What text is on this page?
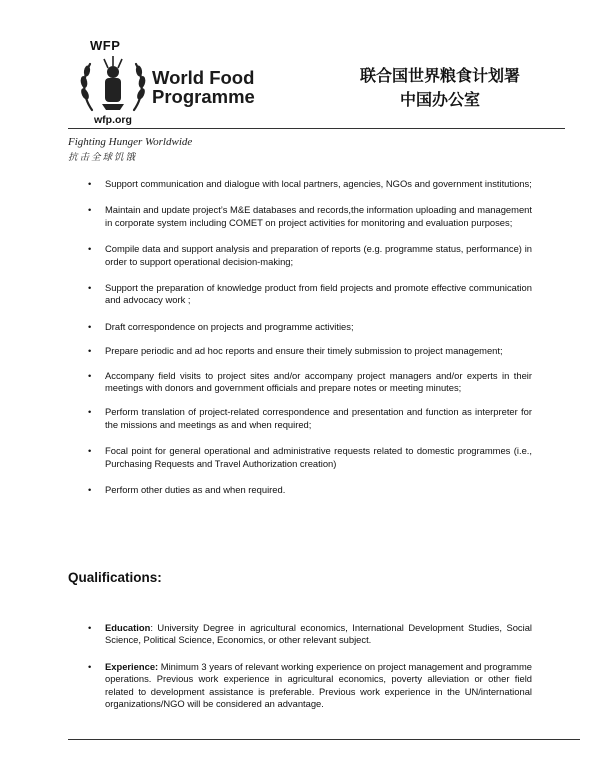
WFP
World Food
Programme
wfp.org
联合国世界粮食计划署
中国办公室
Fighting Hunger Worldwide
抗击全球饥饿
• Support communication and dialogue with local partners, agencies, NGOs and government institutions;
• Maintain and update project’s M&E databases and records,the information uploading and management in corporate system including COMET on project activities for monitoring and evaluation purposes;
• Compile data and support analysis and preparation of reports (e.g. programme status, performance) in order to support operational decision-making;
• Support the preparation of knowledge product from field projects and promote effective communication and advocacy work ;
• Draft correspondence on projects and programme activities;
• Prepare periodic and ad hoc reports and ensure their timely submission to project management;
• Accompany field visits to project sites and/or accompany project managers and/or experts in their meetings with donors and government officials and prepare notes or meeting minutes;
• Perform translation of project-related correspondence and presentation and function as interpreter for the missions and meetings as and when required;
• Focal point for general operational and administrative requests related to domestic programmes (i.e., Purchasing Requests and Travel Authorization creation)
• Perform other duties as and when required.
Qualifications:
• Education: University Degree in agricultural economics, International Development Studies, Social Science, Political Science, Economics, or other relevant subject.
• Experience: Minimum 3 years of relevant working experience on project management and programme operations. Previous work experience in agricultural economics, poverty alleviation or other field related to development assistance is preferable. Previous work experience in the UN/international organizations/NGO will be considered an advantage.
